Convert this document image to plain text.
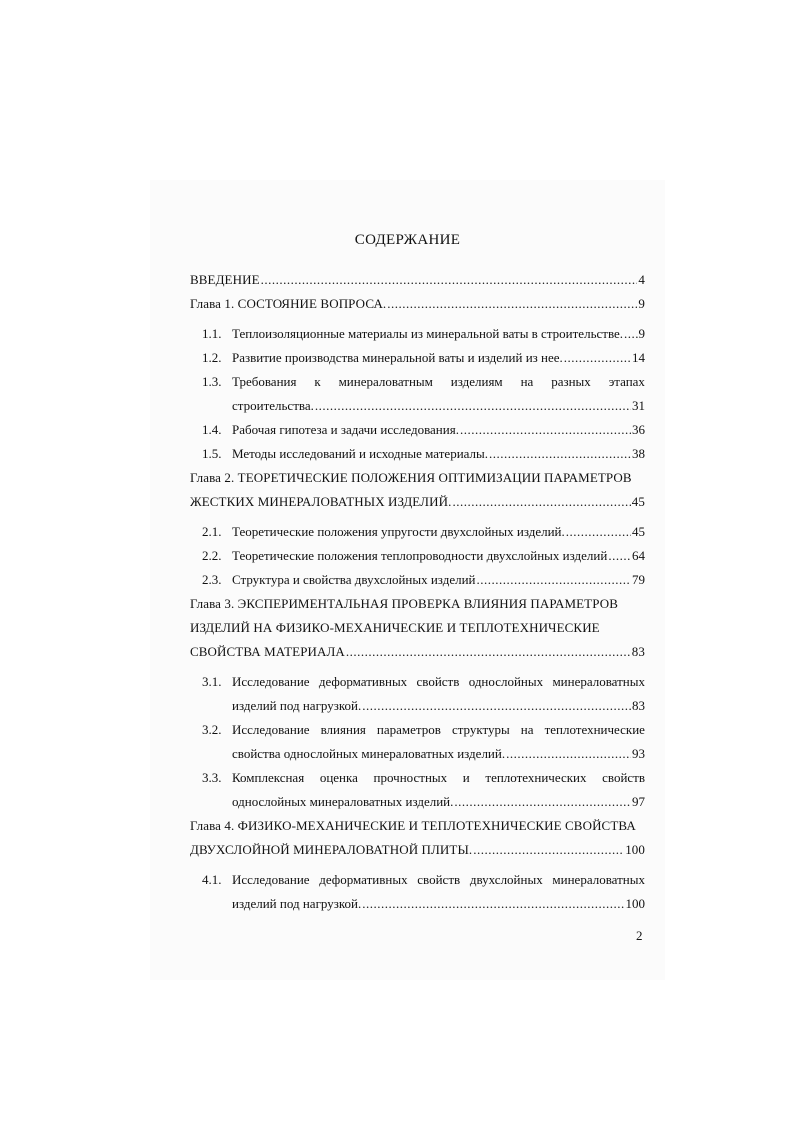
СОДЕРЖАНИЕ
ВВЕДЕНИЕ .....	4
Глава 1. СОСТОЯНИЕ ВОПРОСА. .....	9
1.1. Теплоизоляционные материалы из минеральной ваты в строительстве. ..... 9
1.2. Развитие производства минеральной ваты и изделий из нее. .....	14
1.3. Требования к минераловатным изделиям на разных этапах
строительства. .....	31
1.4. Рабочая гипотеза и задачи исследования. .....	36
1.5. Методы исследований и исходные материалы. .....	38
Глава 2. ТЕОРЕТИЧЕСКИЕ ПОЛОЖЕНИЯ ОПТИМИЗАЦИИ ПАРАМЕТРОВ
ЖЕСТКИХ МИНЕРАЛОВАТНЫХ ИЗДЕЛИЙ. .....	45
2.1. Теоретические положения упругости двухслойных изделий. .....	45
2.2. Теоретические положения теплопроводности двухслойных изделий ..... 64
2.3. Структура и свойства двухслойных изделий .....	79
Глава 3. ЭКСПЕРИМЕНТАЛЬНАЯ ПРОВЕРКА ВЛИЯНИЯ ПАРАМЕТРОВ
ИЗДЕЛИЙ НА ФИЗИКО-МЕХАНИЧЕСКИЕ И ТЕПЛОТЕХНИЧЕСКИЕ
СВОЙСТВА МАТЕРИАЛА .....	83
3.1. Исследование деформативных свойств однослойных минераловатных
изделий под нагрузкой. .....	83
3.2. Исследование влияния параметров структуры на теплотехнические
свойства однослойных минераловатных изделий. .....	93
3.3. Комплексная оценка прочностных и теплотехнических свойств
однослойных минераловатных изделий. .....	97
Глава 4. ФИЗИКО-МЕХАНИЧЕСКИЕ И ТЕПЛОТЕХНИЧЕСКИЕ СВОЙСТВА
ДВУХСЛОЙНОЙ МИНЕРАЛОВАТНОЙ ПЛИТЫ. .....	100
4.1. Исследование деформативных свойств двухслойных минераловатных
изделий под нагрузкой. .....	100
2
